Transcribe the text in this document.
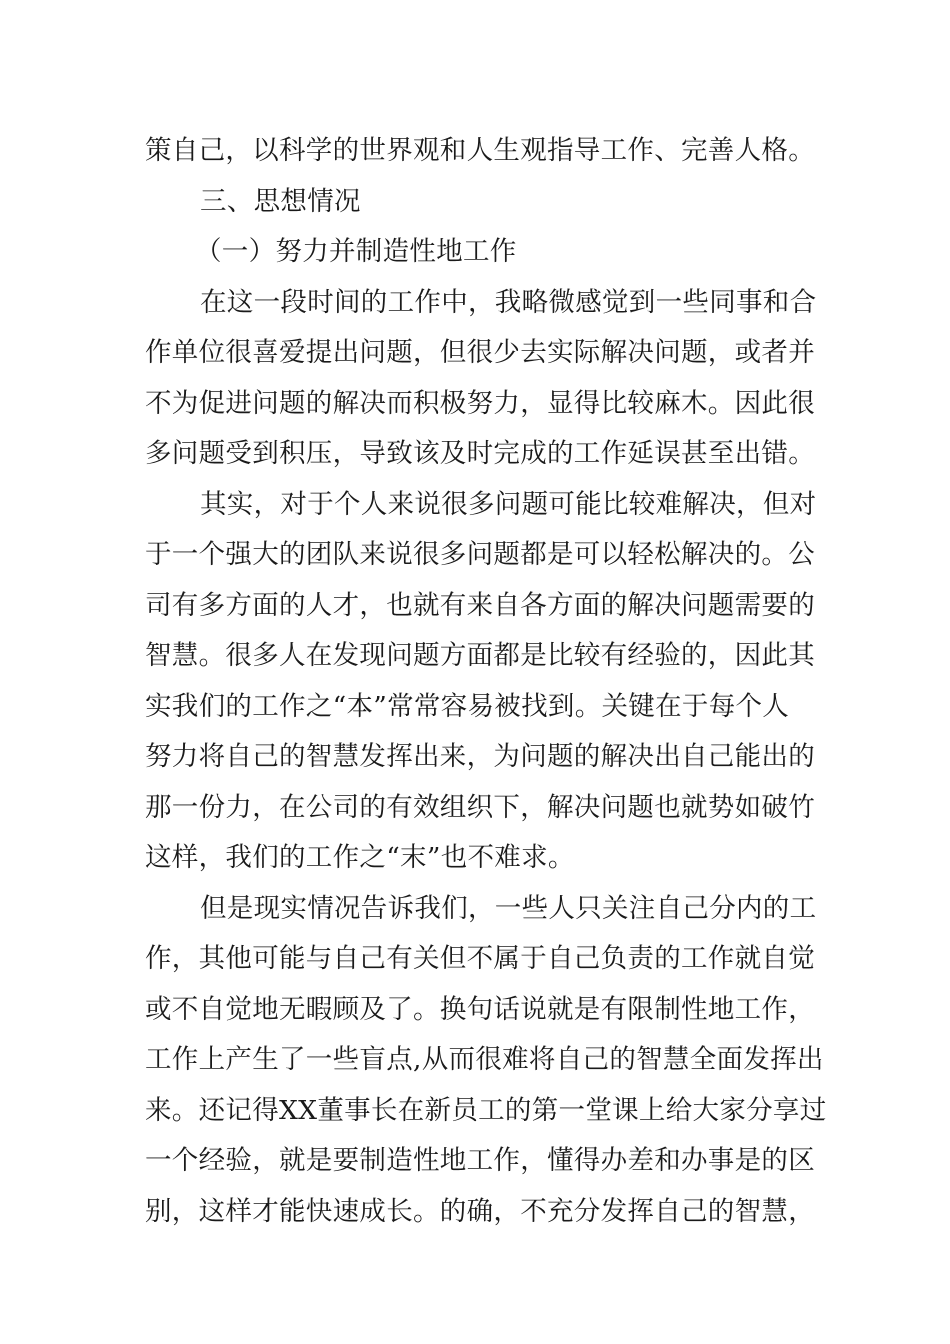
策自己，以科学的世界观和人生观指导工作、完善人格。
三、思想情况
（一）努力并制造性地工作
在这一段时间的工作中，我略微感觉到一些同事和合
作单位很喜爱提出问题，但很少去实际解决问题，或者并
不为促进问题的解决而积极努力，显得比较麻木。因此很
多问题受到积压，导致该及时完成的工作延误甚至出错。
其实，对于个人来说很多问题可能比较难解决，但对
于一个强大的团队来说很多问题都是可以轻松解决的。公
司有多方面的人才，也就有来自各方面的解决问题需要的
智慧。很多人在发现问题方面都是比较有经验的，因此其
实我们的工作之“本”常常容易被找到。关键在于每个人
努力将自己的智慧发挥出来，为问题的解决出自己能出的
那一份力，在公司的有效组织下，解决问题也就势如破竹
这样，我们的工作之“末”也不难求。
但是现实情况告诉我们，一些人只关注自己分内的工
作，其他可能与自己有关但不属于自己负责的工作就自觉
或不自觉地无暇顾及了。换句话说就是有限制性地工作，
工作上产生了一些盲点,从而很难将自己的智慧全面发挥出
来。还记得XX董事长在新员工的第一堂课上给大家分享过
一个经验，就是要制造性地工作，懂得办差和办事是的区
别，这样才能快速成长。的确，不充分发挥自己的智慧，
